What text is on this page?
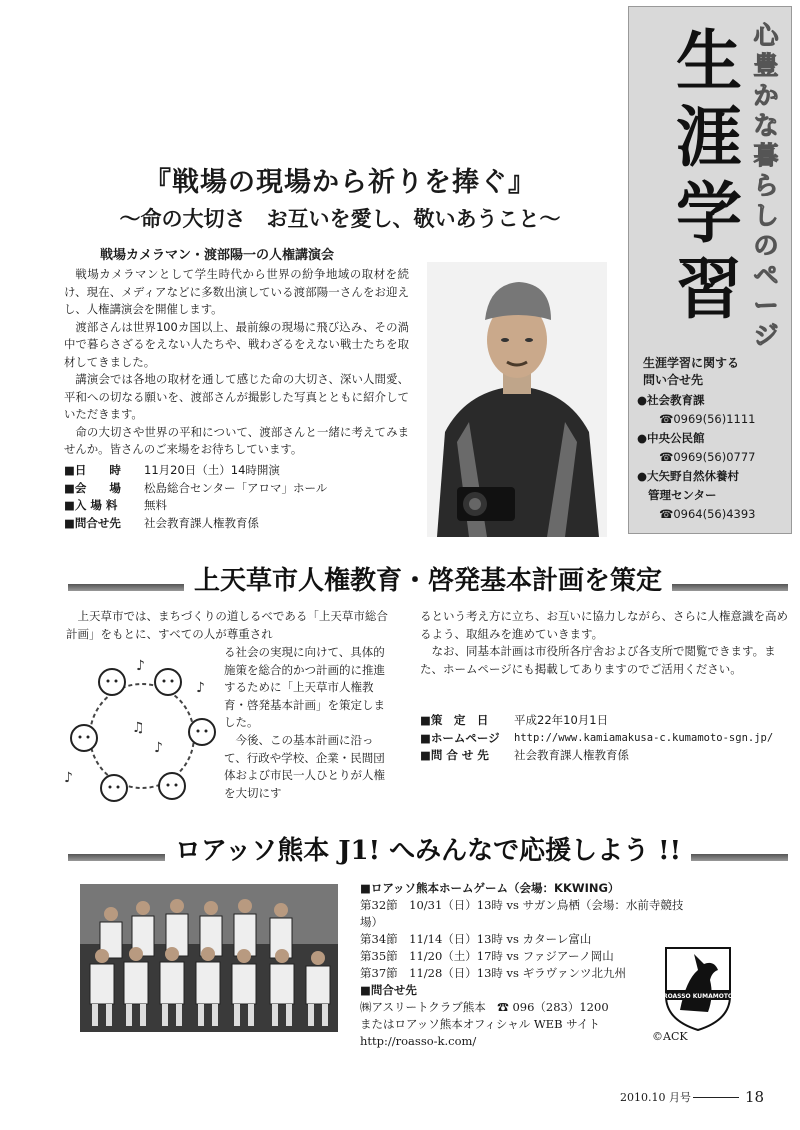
生
涯
学
習
心
豊
か
な
暮
ら
し
の
ペ
ー
ジ
生涯学習に関する
問い合せ先
●社会教育課
☎0969(56)1111
●中央公民館
☎0969(56)0777
●大矢野自然休養村
管理センター
☎0964(56)4393
『戦場の現場から祈りを捧ぐ』
〜命の大切さ　お互いを愛し、敬いあうこと〜
戦場カメラマン・渡部陽一の人権講演会

戦場カメラマンとして学生時代から世界の紛争地域の取材を続け、現在、メディアなどに多数出演している渡部陽一さんをお迎えし、人権講演会を開催します。

渡部さんは世界100カ国以上、最前線の現場に飛び込み、その渦中で暮らさざるをえない人たちや、戦わざるをえない戦士たちを取材してきました。

講演会では各地の取材を通して感じた命の大切さ、深い人間愛、平和への切なる願いを、渡部さんが撮影した写真とともに紹介していただきます。

命の大切さや世界の平和について、渡部さんと一緒に考えてみませんか。皆さんのご来場をお待ちしています。

■日　　時	11月20日（土）14時開演
■会　　場	松島総合センター「アロマ」ホール
■入 場 料	無料
■問合せ先	社会教育課人権教育係
上天草市人権教育・啓発基本計画を策定
上天草市では、まちづくりの道しるべである「上天草市総合計画」をもとに、すべての人が尊重され
♪
♫
♪
♪
♪
る社会の実現に向けて、具体的施策を総合的かつ計画的に推進するために「上天草市人権教育・啓発基本計画」を策定しました。
今後、この基本計画に沿って、行政や学校、企業・民間団体および市民一人ひとりが人権を大切にす

るという考え方に立ち、お互いに協力しながら、さらに人権意識を高めるよう、取組みを進めていきます。

なお、同基本計画は市役所各庁舎および各支所で閲覧できます。また、ホームページにも掲載してありますのでご活用ください。

■策　定　日	平成22年10月1日
■ホームページ	http://www.kamiamakusa-c.kumamoto-sgn.jp/
■問 合 せ 先	社会教育課人権教育係
ロアッソ熊本 J1! へみんなで応援しよう !!
■ロアッソ熊本ホームゲーム（会場：KKWING）
第32節　10/31（日）13時 vs サガン鳥栖（会場：水前寺競技場）
第34節　11/14（日）13時 vs カターレ富山
第35節　11/20（土）17時 vs ファジアーノ岡山
第37節　11/28（日）13時 vs ギラヴァンツ北九州
■問合せ先
㈱アスリートクラブ熊本　☎ 096（283）1200
またはロアッソ熊本オフィシャル WEB サイト
http://roasso-k.com/
ROASSO KUMAMOTO
©ACK
2010.10 月号	18
